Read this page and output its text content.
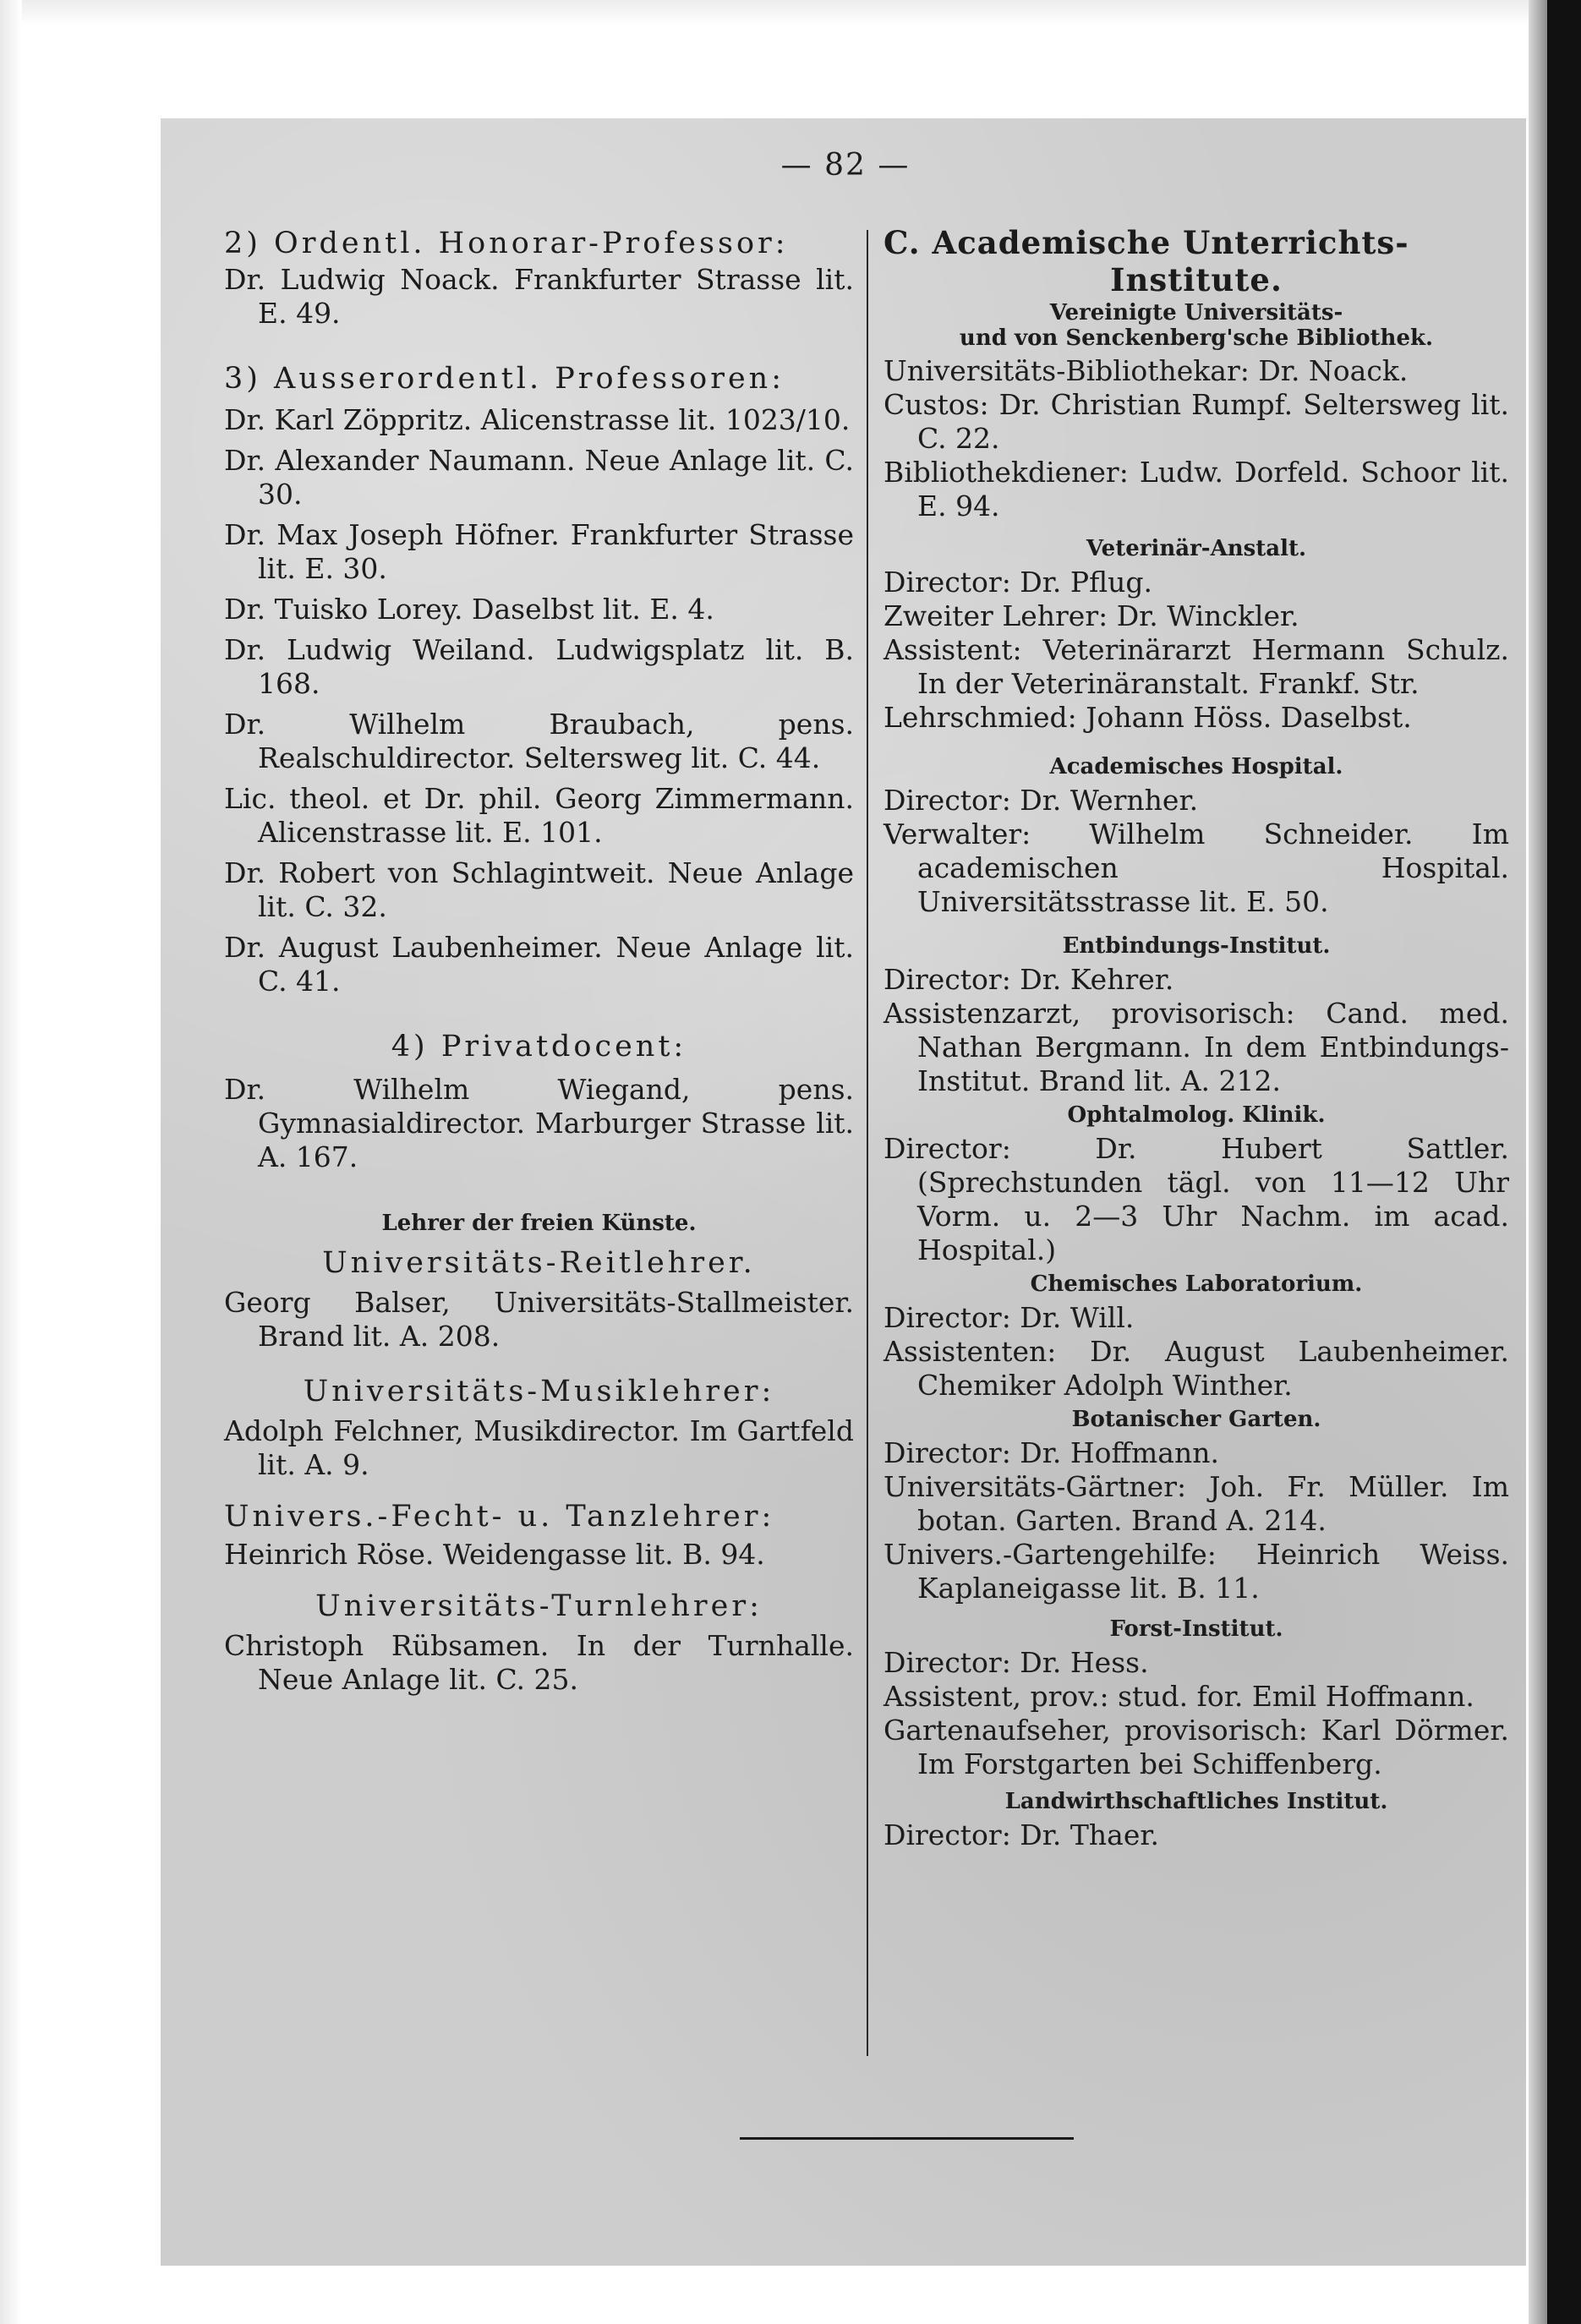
— 82 —

2) Ordentl. Honorar-Professor:

Dr. Ludwig Noack. Frankfurter Strasse lit. E. 49.

3) Ausserordentl. Professoren:

Dr. Karl Zöppritz. Alicenstrasse lit. 1023/10.

Dr. Alexander Naumann. Neue Anlage lit. C. 30.

Dr. Max Joseph Höfner. Frankfurter Strasse lit. E. 30.

Dr. Tuisko Lorey. Daselbst lit. E. 4.

Dr. Ludwig Weiland. Ludwigsplatz lit. B. 168.

Dr. Wilhelm Braubach, pens. Realschuldirector. Seltersweg lit. C. 44.

Lic. theol. et Dr. phil. Georg Zimmermann. Alicenstrasse lit. E. 101.

Dr. Robert von Schlagintweit. Neue Anlage lit. C. 32.

Dr. August Laubenheimer. Neue Anlage lit. C. 41.

4) Privatdocent:

Dr. Wilhelm Wiegand, pens. Gymnasialdirector. Marburger Strasse lit. A. 167.

Lehrer der freien Künste.

Universitäts-Reitlehrer.

Georg Balser, Universitäts-Stallmeister. Brand lit. A. 208.

Universitäts-Musiklehrer:

Adolph Felchner, Musikdirector. Im Gartfeld lit. A. 9.

Univers.-Fecht- u. Tanzlehrer:

Heinrich Röse. Weidengasse lit. B. 94.

Universitäts-Turnlehrer:

Christoph Rübsamen. In der Turnhalle. Neue Anlage lit. C. 25.

C. Academische Unterrichts-

Institute.

Vereinigte Universitäts-

und von Senckenberg'sche Bibliothek.

Universitäts-Bibliothekar: Dr. Noack.

Custos: Dr. Christian Rumpf. Seltersweg lit. C. 22.

Bibliothekdiener: Ludw. Dorfeld. Schoor lit. E. 94.

Veterinär-Anstalt.

Director: Dr. Pflug.

Zweiter Lehrer: Dr. Winckler.

Assistent: Veterinärarzt Hermann Schulz. In der Veterinäranstalt. Frankf. Str.

Lehrschmied: Johann Höss. Daselbst.

Academisches Hospital.

Director: Dr. Wernher.

Verwalter: Wilhelm Schneider. Im academischen Hospital. Universitätsstrasse lit. E. 50.

Entbindungs-Institut.

Director: Dr. Kehrer.

Assistenzarzt, provisorisch: Cand. med. Nathan Bergmann. In dem Entbindungs-Institut. Brand lit. A. 212.

Ophtalmolog. Klinik.

Director: Dr. Hubert Sattler. (Sprechstunden tägl. von 11—12 Uhr Vorm. u. 2—3 Uhr Nachm. im acad. Hospital.)

Chemisches Laboratorium.

Director: Dr. Will.

Assistenten: Dr. August Laubenheimer. Chemiker Adolph Winther.

Botanischer Garten.

Director: Dr. Hoffmann.

Universitäts-Gärtner: Joh. Fr. Müller. Im botan. Garten. Brand A. 214.

Univers.-Gartengehilfe: Heinrich Weiss. Kaplaneigasse lit. B. 11.

Forst-Institut.

Director: Dr. Hess.

Assistent, prov.: stud. for. Emil Hoffmann.

Gartenaufseher, provisorisch: Karl Dörmer. Im Forstgarten bei Schiffenberg.

Landwirthschaftliches Institut.

Director: Dr. Thaer.
